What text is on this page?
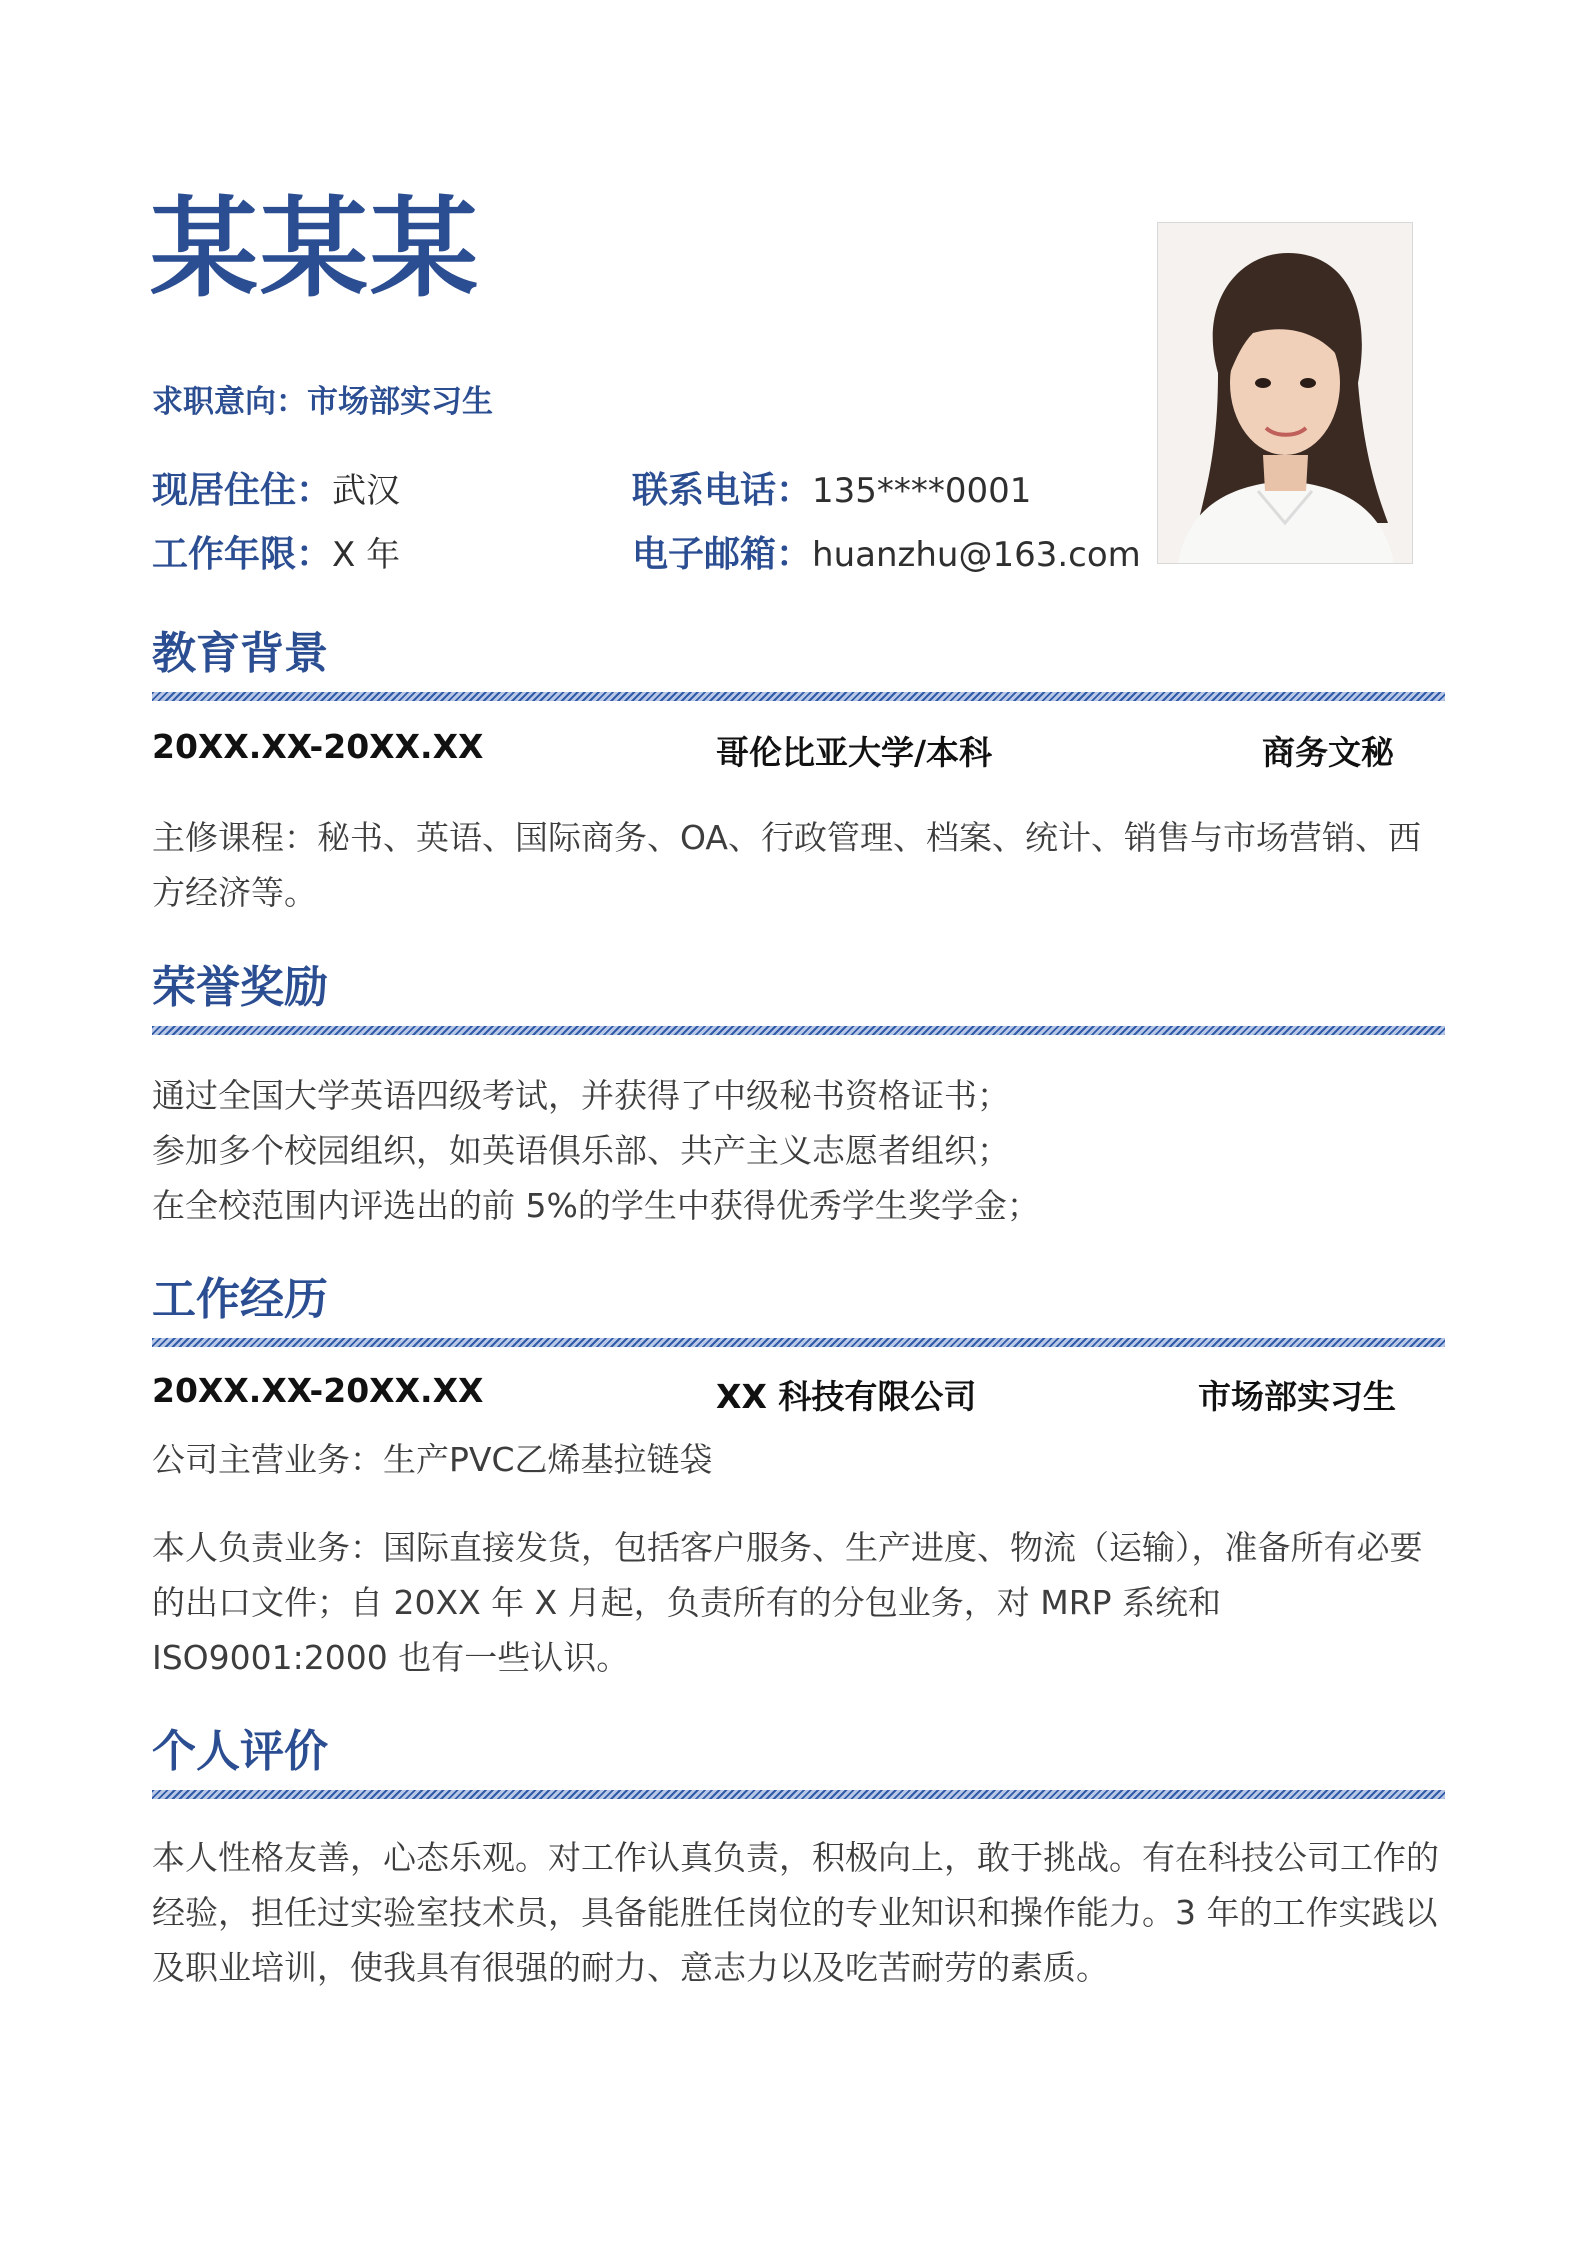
某某某
求职意向：市场部实习生
现居住住：武汉
工作年限：X 年
联系电话：135****0001
电子邮箱：huanzhu@163.com
教育背景
20XX.XX-20XX.XX	哥伦比亚大学/本科	商务文秘

主修课程：秘书、英语、国际商务、OA、行政管理、档案、统计、销售与市场营销、西方经济等。

荣誉奖励
通过全国大学英语四级考试，并获得了中级秘书资格证书；
参加多个校园组织，如英语俱乐部、共产主义志愿者组织；
在全校范围内评选出的前 5%的学生中获得优秀学生奖学金；
工作经历
20XX.XX-20XX.XX	XX 科技有限公司	市场部实习生

公司主营业务：生产PVC乙烯基拉链袋

本人负责业务：国际直接发货，包括客户服务、生产进度、物流（运输），准备所有必要的出口文件；自 20XX 年 X 月起，负责所有的分包业务，对 MRP 系统和 ISO9001:2000 也有一些认识。

个人评价

本人性格友善，心态乐观。对工作认真负责，积极向上，敢于挑战。有在科技公司工作的经验，担任过实验室技术员，具备能胜任岗位的专业知识和操作能力。3 年的工作实践以及职业培训，使我具有很强的耐力、意志力以及吃苦耐劳的素质。
